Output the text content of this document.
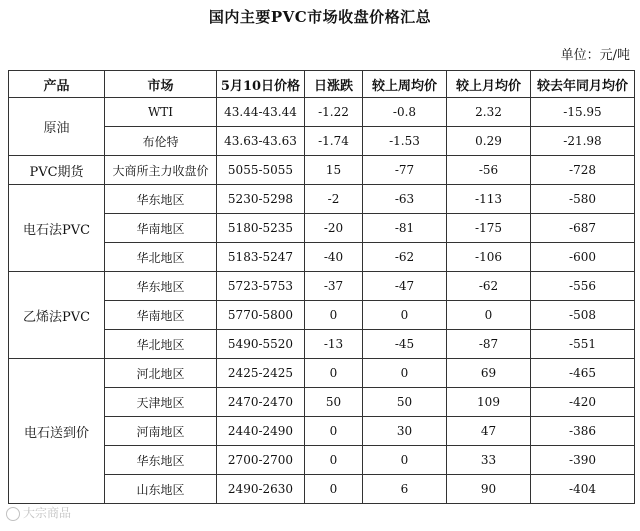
国内主要PVC市场收盘价格汇总
单位：元/吨
产品	市场	5月10日价格	日涨跌	较上周均价	较上月均价	较去年同月均价
原油	WTI	43.44-43.44	-1.22	-0.8	2.32	-15.95
	布伦特	43.63-43.63	-1.74	-1.53	0.29	-21.98
PVC期货	大商所主力收盘价	5055-5055	15	-77	-56	-728
电石法PVC	华东地区	5230-5298	-2	-63	-113	-580
	华南地区	5180-5235	-20	-81	-175	-687
	华北地区	5183-5247	-40	-62	-106	-600
乙烯法PVC	华东地区	5723-5753	-37	-47	-62	-556
	华南地区	5770-5800	0	0	0	-508
	华北地区	5490-5520	-13	-45	-87	-551
电石送到价	河北地区	2425-2425	0	0	69	-465
	天津地区	2470-2470	50	50	109	-420
	河南地区	2440-2490	0	30	47	-386
	华东地区	2700-2700	0	0	33	-390
	山东地区	2490-2630	0	6	90	-404
大宗商品
